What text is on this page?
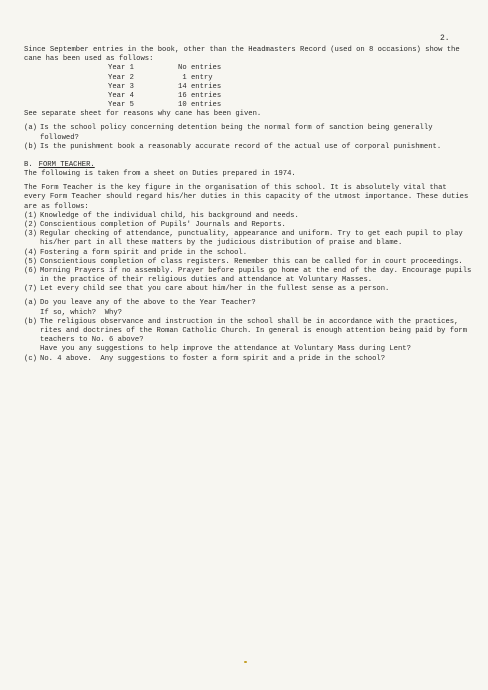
2.

Since September entries in the book, other than the Headmasters Record (used on 8 occasions) show the cane has been used as follows:

Year 1	No entries
Year 2	1 entry
Year 3	14 entries
Year 4	16 entries
Year 5	10 entries

See separate sheet for reasons why cane has been given.

(a) Is the school policy concerning detention being the normal form of sanction being generally followed?
(b) Is the punishment book a reasonably accurate record of the actual use of corporal punishment.
B. FORM TEACHER.

The following is taken from a sheet on Duties prepared in 1974.

The Form Teacher is the key figure in the organisation of this school. It is absolutely vital that every Form Teacher should regard his/her duties in this capacity of the utmost importance. These duties are as follows:

(1) Knowledge of the individual child, his background and needs.
(2) Conscientious completion of Pupils' Journals and Reports.
(3) Regular checking of attendance, punctuality, appearance and uniform. Try to get each pupil to play his/her part in all these matters by the judicious distribution of praise and blame.
(4) Fostering a form spirit and pride in the school.
(5) Conscientious completion of class registers. Remember this can be called for in court proceedings.
(6) Morning Prayers if no assembly. Prayer before pupils go home at the end of the day. Encourage pupils in the practice of their religious duties and attendance at Voluntary Masses.
(7) Let every child see that you care about him/her in the fullest sense as a person.
(a) Do you leave any of the above to the Year Teacher?
If so, which?  Why?
(b) The religious observance and instruction in the school shall be in accordance with the practices, rites and doctrines of the Roman Catholic Church. In general is enough attention being paid by form teachers to No. 6 above?
Have you any suggestions to help improve the attendance at Voluntary Mass during Lent?
(c) No. 4 above.  Any suggestions to foster a form spirit and a pride in the school?
